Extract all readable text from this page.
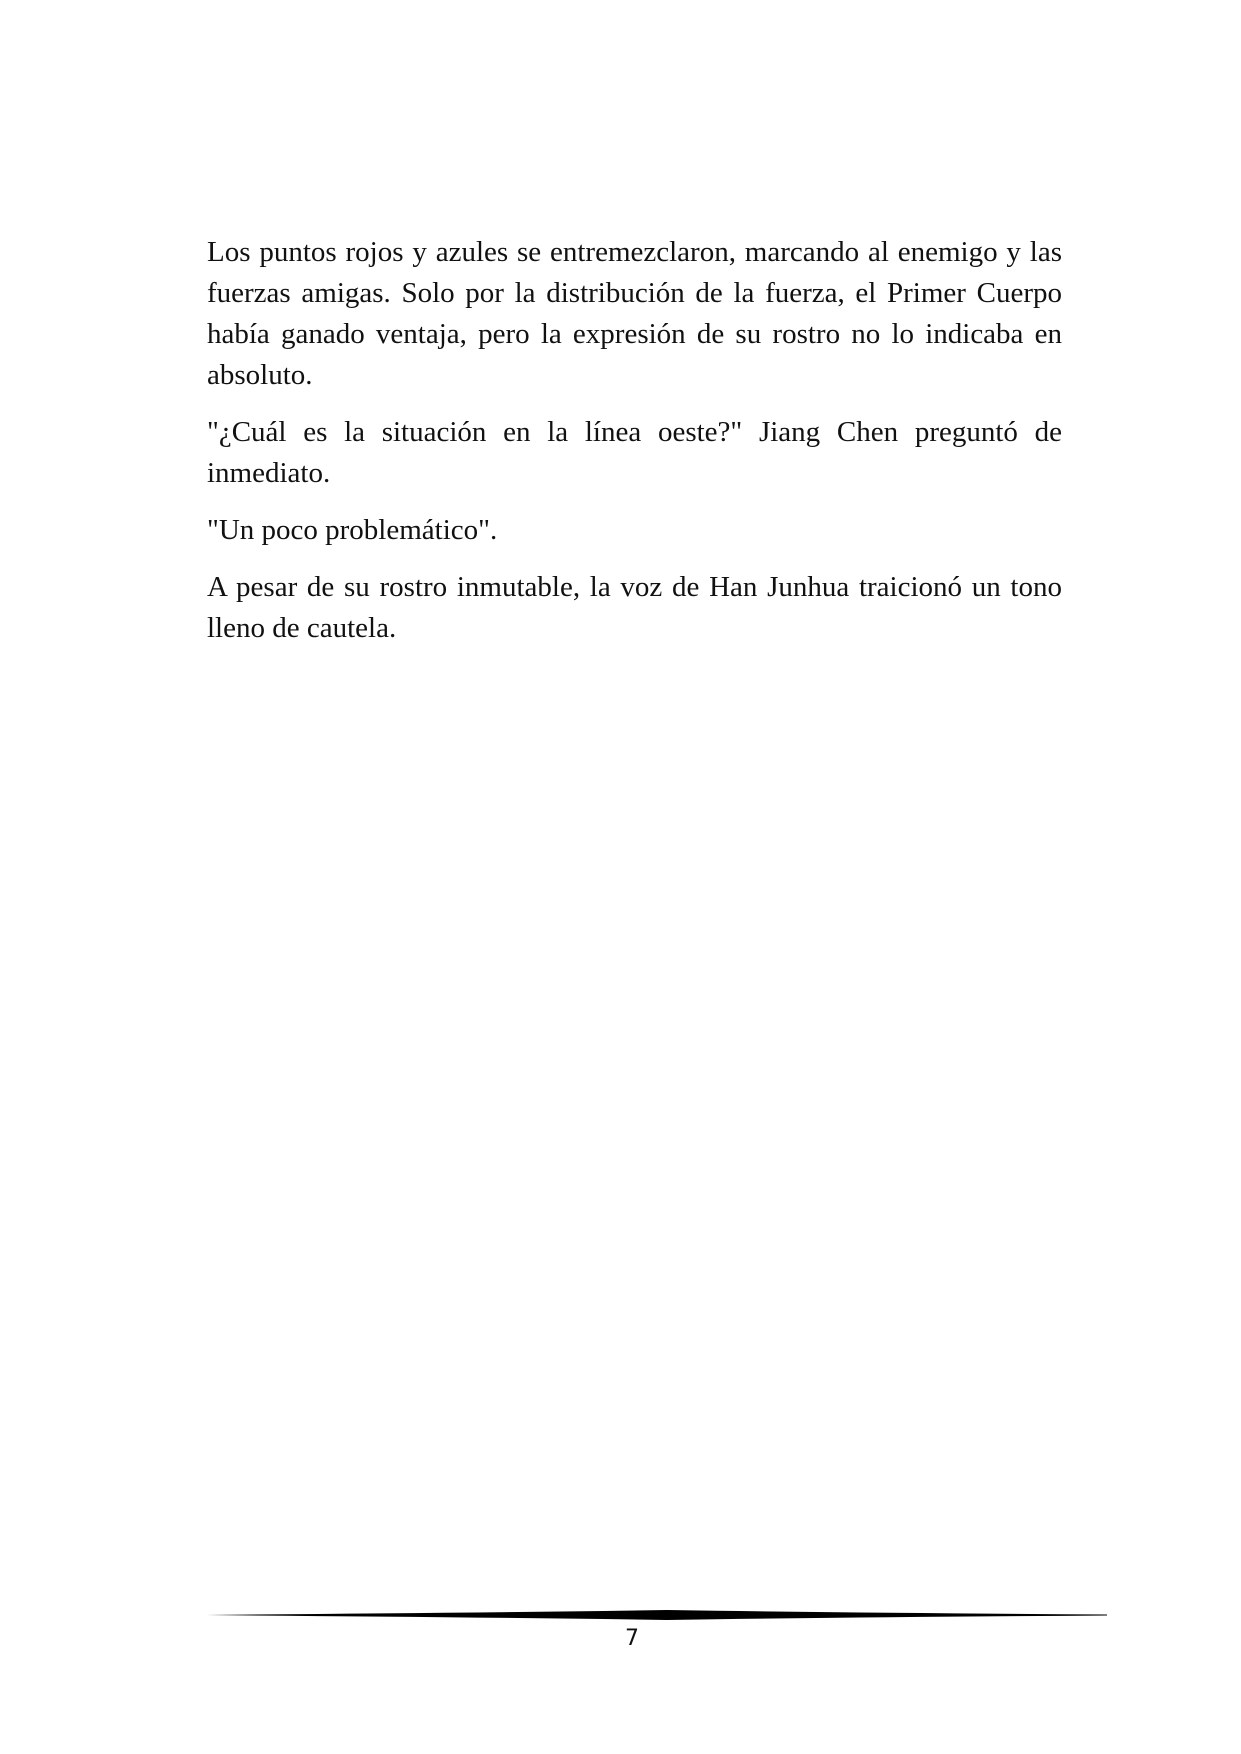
Los puntos rojos y azules se entremezclaron, marcando al enemigo y las fuerzas amigas. Solo por la distribución de la fuerza, el Primer Cuerpo había ganado ventaja, pero la expresión de su rostro no lo indicaba en absoluto.

"¿Cuál es la situación en la línea oeste?" Jiang Chen preguntó de inmediato.

"Un poco problemático".

A pesar de su rostro inmutable, la voz de Han Junhua traicionó un tono lleno de cautela.

7
